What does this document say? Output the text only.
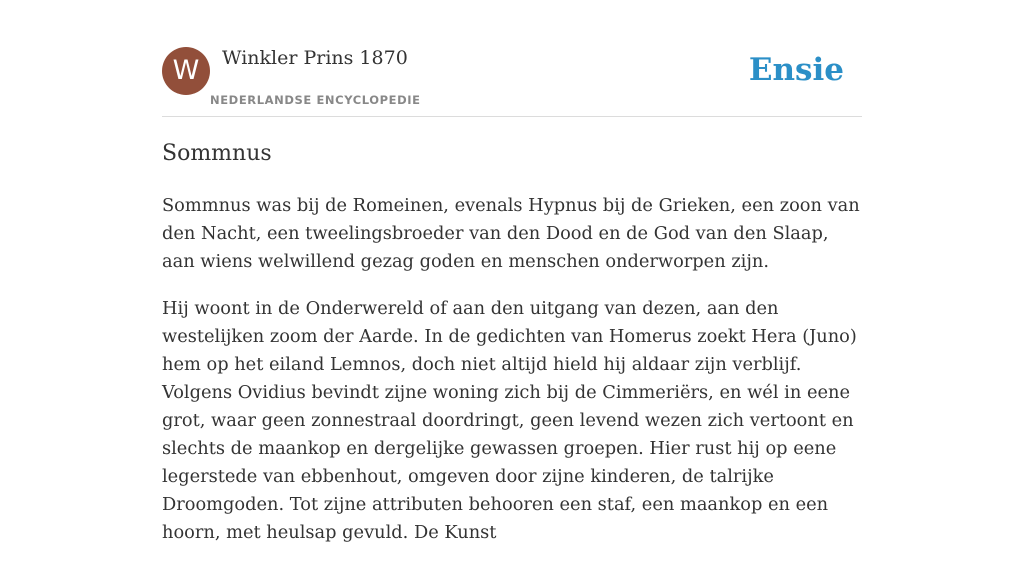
W	Winkler Prins 1870
NEDERLANDSE ENCYCLOPEDIE
Ensie
Sommnus

Sommnus was bij de Romeinen, evenals Hypnus bij de Grieken, een zoon van den Nacht, een tweelingsbroeder van den Dood en de God van den Slaap, aan wiens welwillend gezag goden en menschen onderworpen zijn.

Hij woont in de Onderwereld of aan den uitgang van dezen, aan den westelijken zoom der Aarde. In de gedichten van Homerus zoekt Hera (Juno) hem op het eiland Lemnos, doch niet altijd hield hij aldaar zijn verblijf. Volgens Ovidius bevindt zijne woning zich bij de Cimmeriërs, en wél in eene grot, waar geen zonnestraal doordringt, geen levend wezen zich vertoont en slechts de maankop en dergelijke gewassen groepen. Hier rust hij op eene legerstede van ebbenhout, omgeven door zijne kinderen, de talrijke Droomgoden. Tot zijne attributen behooren een staf, een maankop en een hoorn, met heulsap gevuld. De Kunst
